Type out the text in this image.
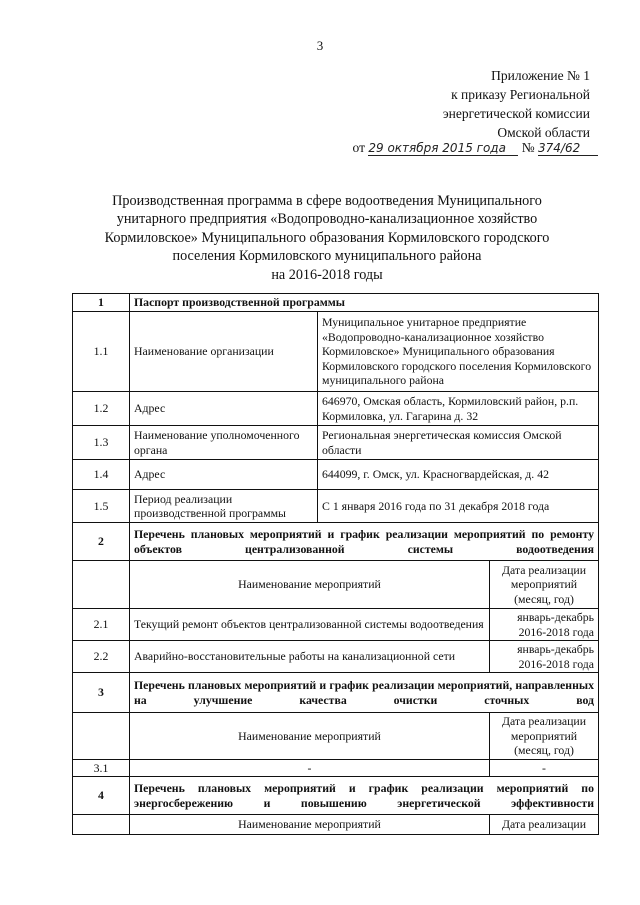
3
Приложение № 1
к приказу Региональной
энергетической комиссии
Омской области
от 29 октября 2015 года № 374/62
Производственная программа в сфере водоотведения Муниципального
унитарного предприятия «Водопроводно-канализационное хозяйство
Кормиловское» Муниципального образования Кормиловского городского
поселения Кормиловского муниципального района
на 2016-2018 годы
1	Паспорт производственной программы		
1.1	Наименование организации	Муниципальное унитарное предприятие «Водопроводно-канализационное хозяйство Кормиловское» Муниципального образования Кормиловского городского поселения Кормиловского муниципального района	
1.2	Адрес	646970, Омская область, Кормиловский район, р.п. Кормиловка, ул. Гагарина д. 32	
1.3	Наименование уполномоченного органа	Региональная энергетическая комиссия Омской области	
1.4	Адрес	644099, г. Омск, ул. Красногвардейская, д. 42	
1.5	Период реализации производственной программы	С 1 января 2016 года по 31 декабря 2018 года	
2	Перечень плановых мероприятий и график реализации мероприятий по ремонту объектов централизованной системы водоотведения		
	Наименование мероприятий		Дата реализации мероприятий (месяц, год)
2.1	Текущий ремонт объектов централизованной системы водоотведения		январь-декабрь 2016-2018 года
2.2	Аварийно-восстановительные работы на канализационной сети		январь-декабрь 2016-2018 года
3	Перечень плановых мероприятий и график реализации мероприятий, направленных на улучшение качества очистки сточных вод		
	Наименование мероприятий		Дата реализации мероприятий (месяц, год)
3.1	-		-
4	Перечень плановых мероприятий и график реализации мероприятий по энергосбережению и повышению энергетической эффективности		
	Наименование мероприятий		Дата реализации
